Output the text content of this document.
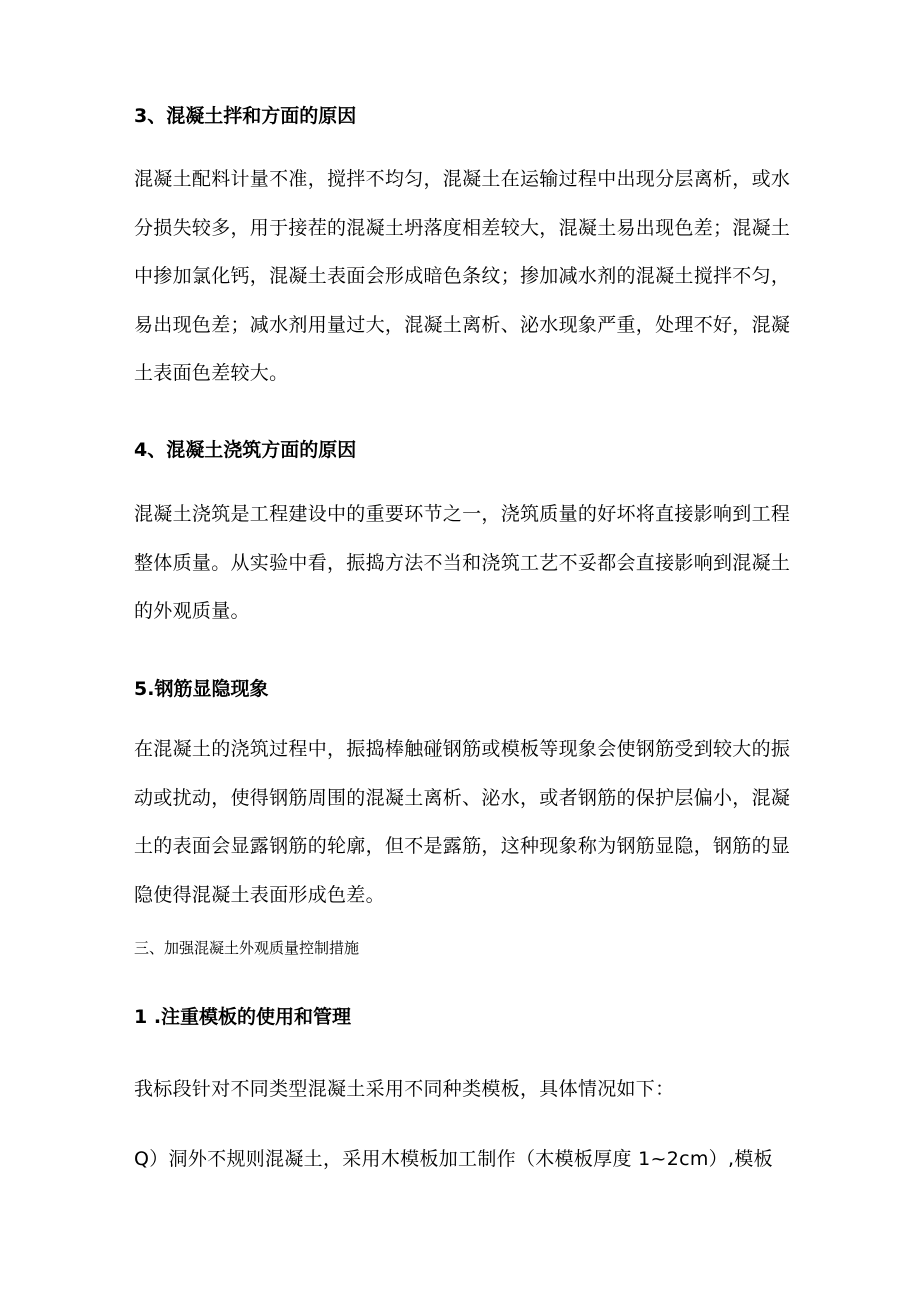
3、混凝土拌和方面的原因

混凝土配料计量不准，搅拌不均匀，混凝土在运输过程中出现分层离析，或水分损失较多，用于接茬的混凝土坍落度相差较大，混凝土易出现色差；混凝土中掺加氯化钙，混凝土表面会形成暗色条纹；掺加减水剂的混凝土搅拌不匀，易出现色差；减水剂用量过大，混凝土离析、泌水现象严重，处理不好，混凝土表面色差较大。

4、混凝土浇筑方面的原因

混凝土浇筑是工程建设中的重要环节之一，浇筑质量的好坏将直接影响到工程整体质量。从实验中看，振捣方法不当和浇筑工艺不妥都会直接影响到混凝土的外观质量。

5.钢筋显隐现象

在混凝土的浇筑过程中，振捣棒触碰钢筋或模板等现象会使钢筋受到较大的振动或扰动，使得钢筋周围的混凝土离析、泌水，或者钢筋的保护层偏小，混凝土的表面会显露钢筋的轮廓，但不是露筋，这种现象称为钢筋显隐，钢筋的显隐使得混凝土表面形成色差。

三、加强混凝土外观质量控制措施
1 .注重模板的使用和管理
我标段针对不同类型混凝土采用不同种类模板，具体情况如下：
Q）洞外不规则混凝土，采用木模板加工制作（木模板厚度 1~2cm）,模板
